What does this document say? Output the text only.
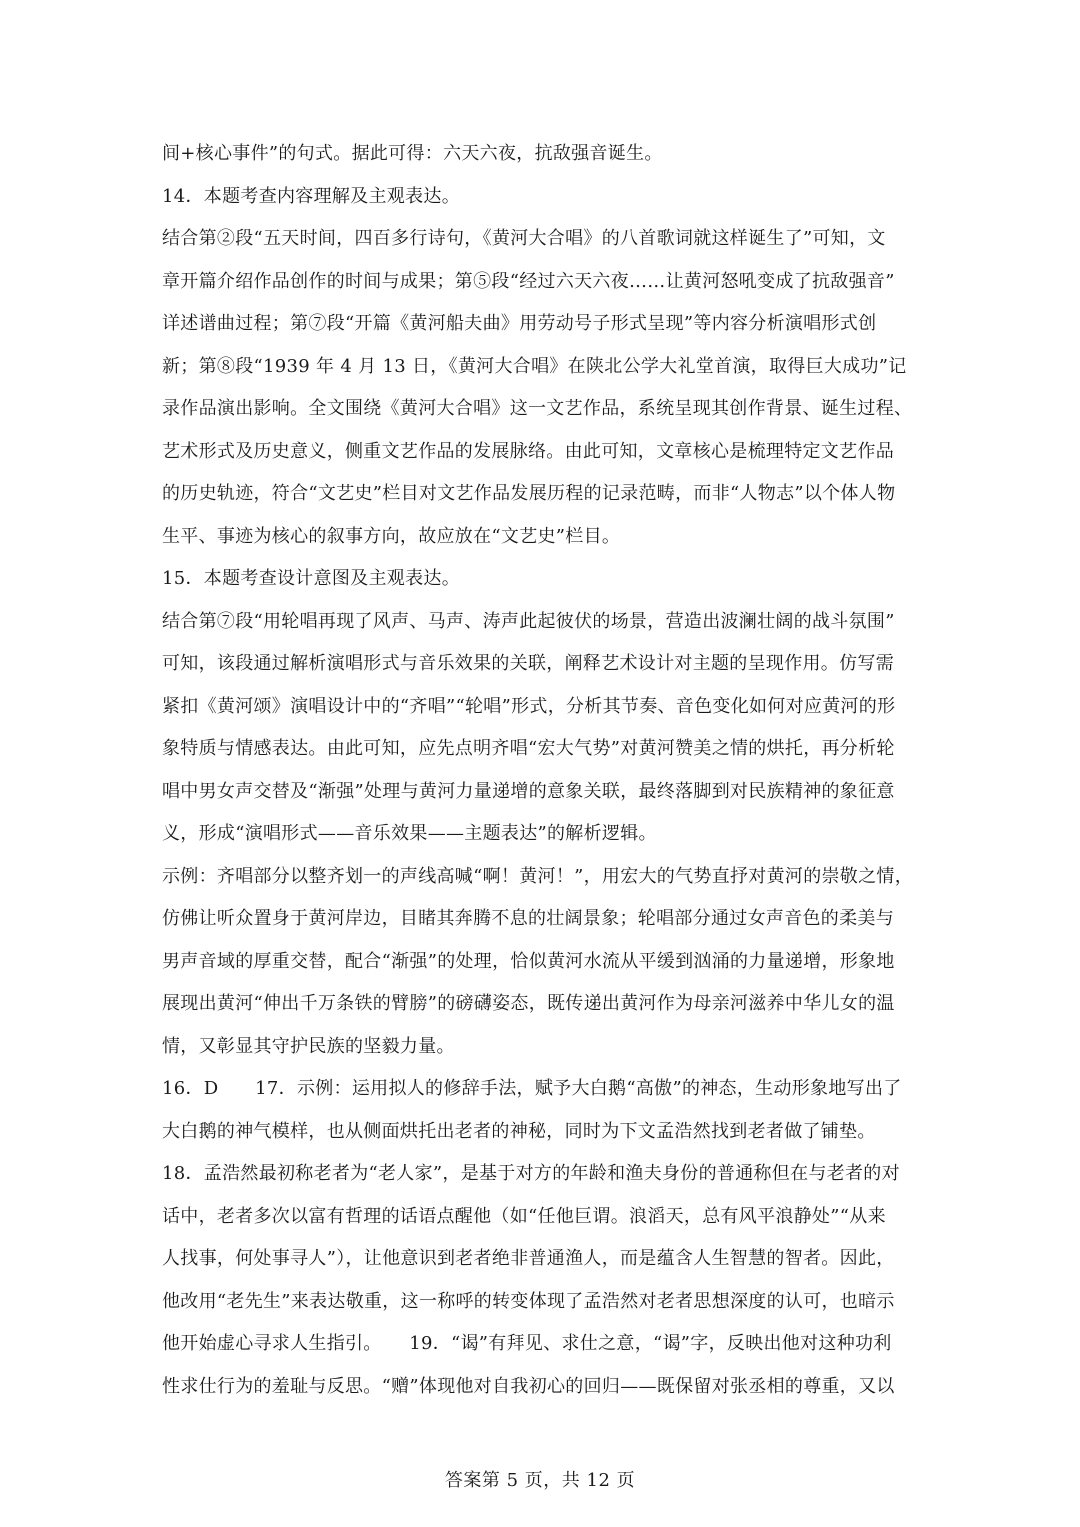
间+核心事件”的句式。据此可得：六天六夜，抗敌强音诞生。
14．本题考查内容理解及主观表达。
结合第②段“五天时间，四百多行诗句，《黄河大合唱》的八首歌词就这样诞生了”可知，文
章开篇介绍作品创作的时间与成果；第⑤段“经过六天六夜……让黄河怒吼变成了抗敌强音”
详述谱曲过程；第⑦段“开篇《黄河船夫曲》用劳动号子形式呈现”等内容分析演唱形式创
新；第⑧段“1939 年 4 月 13 日，《黄河大合唱》在陕北公学大礼堂首演，取得巨大成功”记
录作品演出影响。全文围绕《黄河大合唱》这一文艺作品，系统呈现其创作背景、诞生过程、
艺术形式及历史意义，侧重文艺作品的发展脉络。由此可知，文章核心是梳理特定文艺作品
的历史轨迹，符合“文艺史”栏目对文艺作品发展历程的记录范畴，而非“人物志”以个体人物
生平、事迹为核心的叙事方向，故应放在“文艺史”栏目。
15．本题考查设计意图及主观表达。
结合第⑦段“用轮唱再现了风声、马声、涛声此起彼伏的场景，营造出波澜壮阔的战斗氛围”
可知，该段通过解析演唱形式与音乐效果的关联，阐释艺术设计对主题的呈现作用。仿写需
紧扣《黄河颂》演唱设计中的“齐唱”“轮唱”形式，分析其节奏、音色变化如何对应黄河的形
象特质与情感表达。由此可知，应先点明齐唱“宏大气势”对黄河赞美之情的烘托，再分析轮
唱中男女声交替及“渐强”处理与黄河力量递增的意象关联，最终落脚到对民族精神的象征意
义，形成“演唱形式——音乐效果——主题表达”的解析逻辑。
示例：齐唱部分以整齐划一的声线高喊“啊！黄河！”，用宏大的气势直抒对黄河的崇敬之情，
仿佛让听众置身于黄河岸边，目睹其奔腾不息的壮阔景象；轮唱部分通过女声音色的柔美与
男声音域的厚重交替，配合“渐强”的处理，恰似黄河水流从平缓到汹涌的力量递增，形象地
展现出黄河“伸出千万条铁的臂膀”的磅礴姿态，既传递出黄河作为母亲河滋养中华儿女的温
情，又彰显其守护民族的坚毅力量。
16．D　　17．示例：运用拟人的修辞手法，赋予大白鹅“高傲”的神态，生动形象地写出了
大白鹅的神气模样，也从侧面烘托出老者的神秘，同时为下文孟浩然找到老者做了铺垫。
18．孟浩然最初称老者为“老人家”，是基于对方的年龄和渔夫身份的普通称但在与老者的对
话中，老者多次以富有哲理的话语点醒他（如“任他巨谓。浪滔天，总有风平浪静处”“从来
人找事，何处事寻人”），让他意识到老者绝非普通渔人，而是蕴含人生智慧的智者。因此，
他改用“老先生”来表达敬重，这一称呼的转变体现了孟浩然对老者思想深度的认可，也暗示
他开始虚心寻求人生指引。　　19．“谒”有拜见、求仕之意，“谒”字，反映出他对这种功利
性求仕行为的羞耻与反思。“赠”体现他对自我初心的回归——既保留对张丞相的尊重，又以
答案第 5 页，共 12 页
